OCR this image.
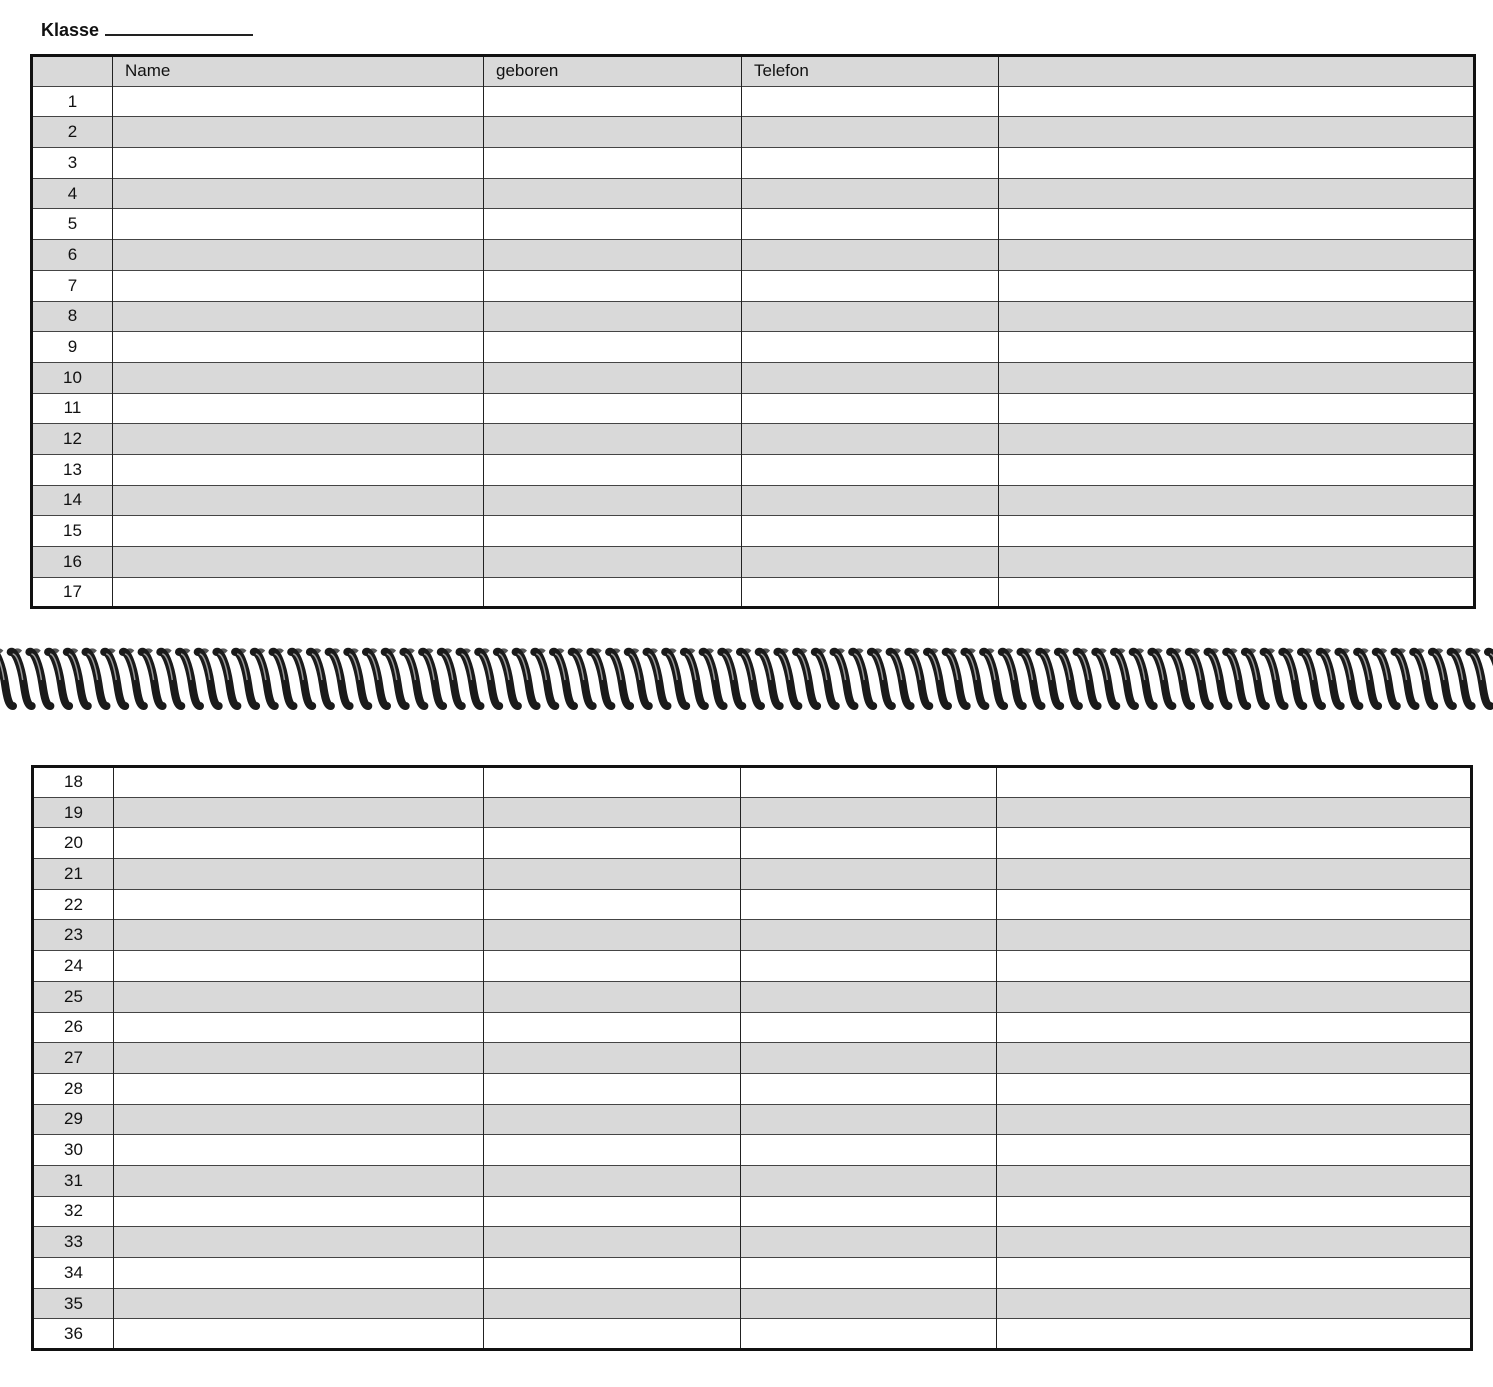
Klasse
	Name	geboren	Telefon	
1				
2				
3				
4				
5				
6				
7				
8				
9				
10				
11				
12				
13				
14				
15				
16				
17				
18				
19				
20				
21				
22				
23				
24				
25				
26				
27				
28				
29				
30				
31				
32				
33				
34				
35				
36				
